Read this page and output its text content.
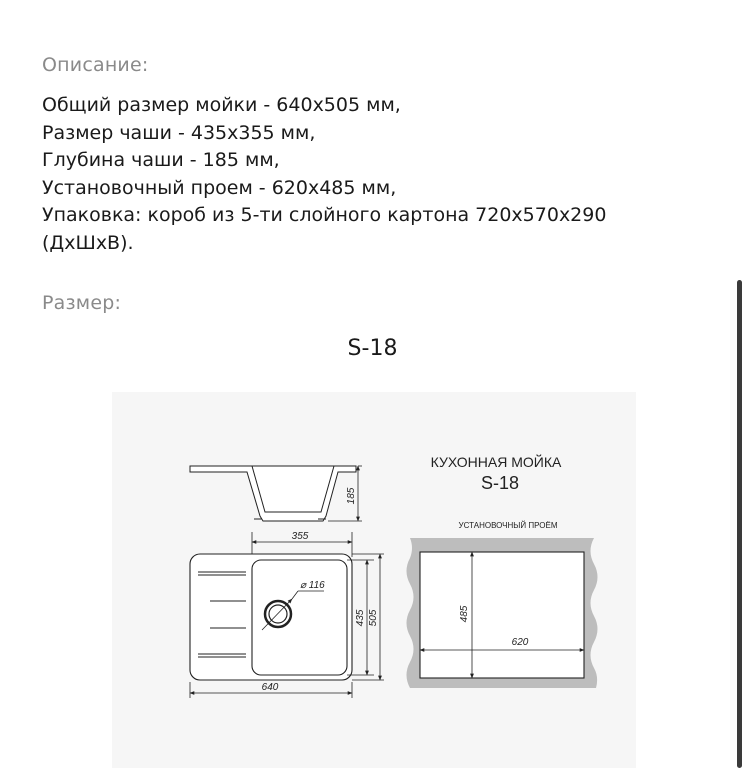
Описание:
Общий размер мойки - 640x505 мм,
Размер чаши - 435x355 мм,
Глубина чаши - 185 мм,
Установочный проем - 620x485 мм,
Упаковка: короб из 5-ти слойного картона 720x570x290
(ДхШхВ).
Размер:
S-18
185
355
⌀ 116
435 505
640
КУХОННАЯ МОЙКА
S-18
УСТАНОВОЧНЫЙ ПРОЁМ
485
620
